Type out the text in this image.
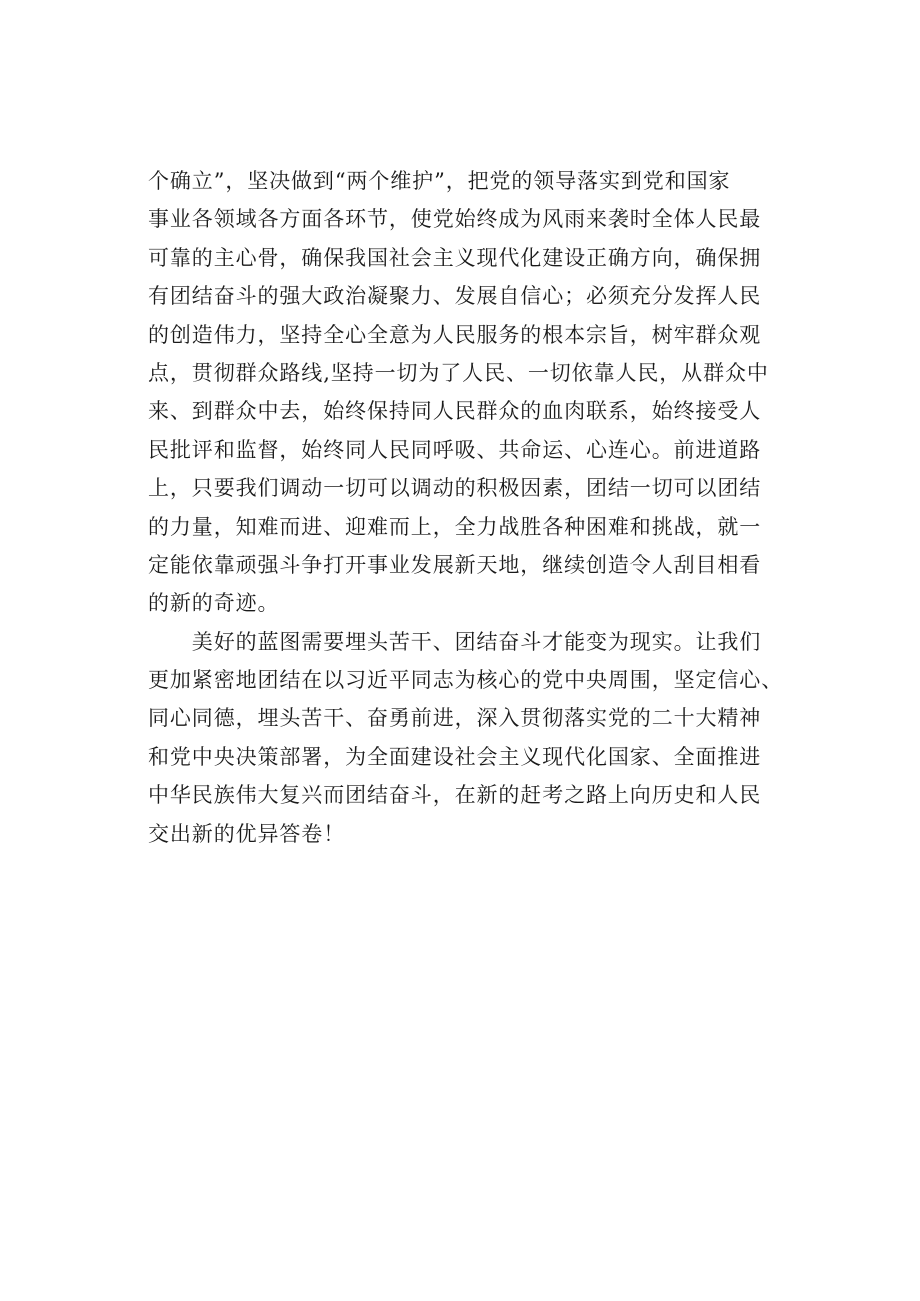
个确立”，坚决做到“两个维护”，把党的领导落实到党和国家
事业各领域各方面各环节，使党始终成为风雨来袭时全体人民最
可靠的主心骨，确保我国社会主义现代化建设正确方向，确保拥
有团结奋斗的强大政治凝聚力、发展自信心；必须充分发挥人民
的创造伟力，坚持全心全意为人民服务的根本宗旨，树牢群众观
点，贯彻群众路线,坚持一切为了人民、一切依靠人民，从群众中
来、到群众中去，始终保持同人民群众的血肉联系，始终接受人
民批评和监督，始终同人民同呼吸、共命运、心连心。前进道路
上，只要我们调动一切可以调动的积极因素，团结一切可以团结
的力量，知难而进、迎难而上，全力战胜各种困难和挑战，就一
定能依靠顽强斗争打开事业发展新天地，继续创造令人刮目相看
的新的奇迹。
　　美好的蓝图需要埋头苦干、团结奋斗才能变为现实。让我们
更加紧密地团结在以习近平同志为核心的党中央周围，坚定信心、
同心同德，埋头苦干、奋勇前进，深入贯彻落实党的二十大精神
和党中央决策部署，为全面建设社会主义现代化国家、全面推进
中华民族伟大复兴而团结奋斗，在新的赶考之路上向历史和人民
交出新的优异答卷！
